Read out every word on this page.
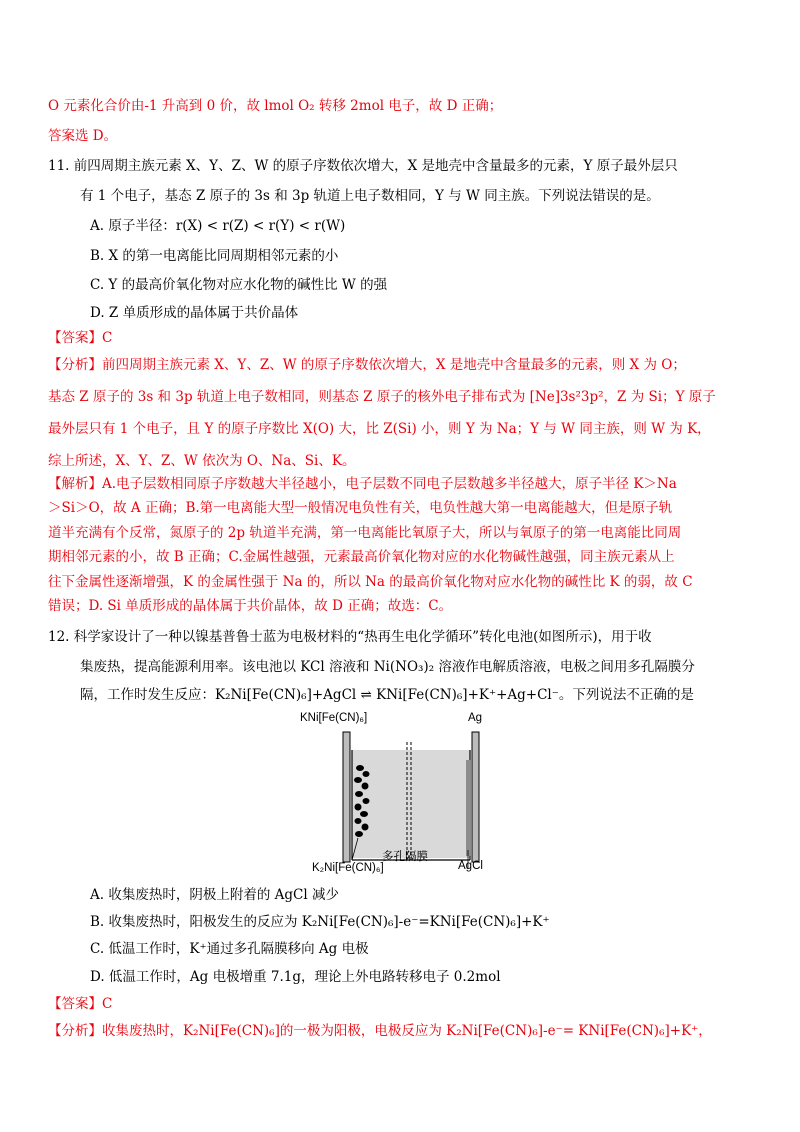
O 元素化合价由-1 升高到 0 价，故 lmol O₂ 转移 2mol 电子，故 D 正确；
答案选 D。
11. 前四周期主族元素 X、Y、Z、W 的原子序数依次增大，X 是地壳中含量最多的元素，Y 原子最外层只
有 1 个电子，基态 Z 原子的 3s 和 3p 轨道上电子数相同，Y 与 W 同主族。下列说法错误的是。
A. 原子半径：r(X) < r(Z) < r(Y) < r(W)
B. X 的第一电离能比同周期相邻元素的小
C. Y 的最高价氧化物对应水化物的碱性比 W 的强
D. Z 单质形成的晶体属于共价晶体
【答案】C
【分析】前四周期主族元素 X、Y、Z、W 的原子序数依次增大，X 是地壳中含量最多的元素，则 X 为 O；
基态 Z 原子的 3s 和 3p 轨道上电子数相同，则基态 Z 原子的核外电子排布式为 [Ne]3s²3p²，Z 为 Si；Y 原子
最外层只有 1 个电子，且 Y 的原子序数比 X(O) 大，比 Z(Si) 小，则 Y 为 Na；Y 与 W 同主族，则 W 为 K，
综上所述，X、Y、Z、W 依次为 O、Na、Si、K。
【解析】A.电子层数相同原子序数越大半径越小，电子层数不同电子层数越多半径越大，原子半径 K＞Na
＞Si＞O，故 A 正确；B.第一电离能大型一般情况电负性有关，电负性越大第一电离能越大，但是原子轨
道半充满有个反常，氮原子的 2p 轨道半充满，第一电离能比氧原子大，所以与氧原子的第一电离能比同周
期相邻元素的小，故 B 正确；C.金属性越强，元素最高价氧化物对应的水化物碱性越强，同主族元素从上
往下金属性逐渐增强，K 的金属性强于 Na 的，所以 Na 的最高价氧化物对应水化物的碱性比 K 的弱，故 C
错误；D. Si 单质形成的晶体属于共价晶体，故 D 正确；故选：C。
12. 科学家设计了一种以镍基普鲁士蓝为电极材料的“热再生电化学循环”转化电池(如图所示)，用于收
集废热，提高能源利用率。该电池以 KCl 溶液和 Ni(NO₃)₂ 溶液作电解质溶液，电极之间用多孔隔膜分
隔，工作时发生反应：K₂Ni[Fe(CN)₆]+AgCl ⇌ KNi[Fe(CN)₆]+K⁺+Ag+Cl⁻。下列说法不正确的是
KNi[Fe(CN)₆]	Ag
K₂Ni[Fe(CN)₆]
多孔隔膜
AgCl
A. 收集废热时，阴极上附着的 AgCl 减少
B. 收集废热时，阳极发生的反应为 K₂Ni[Fe(CN)₆]-e⁻=KNi[Fe(CN)₆]+K⁺
C. 低温工作时，K⁺通过多孔隔膜移向 Ag 电极
D. 低温工作时，Ag 电极增重 7.1g，理论上外电路转移电子 0.2mol
【答案】C
【分析】收集废热时，K₂Ni[Fe(CN)₆]的一极为阳极，电极反应为 K₂Ni[Fe(CN)₆]-e⁻= KNi[Fe(CN)₆]+K⁺，
